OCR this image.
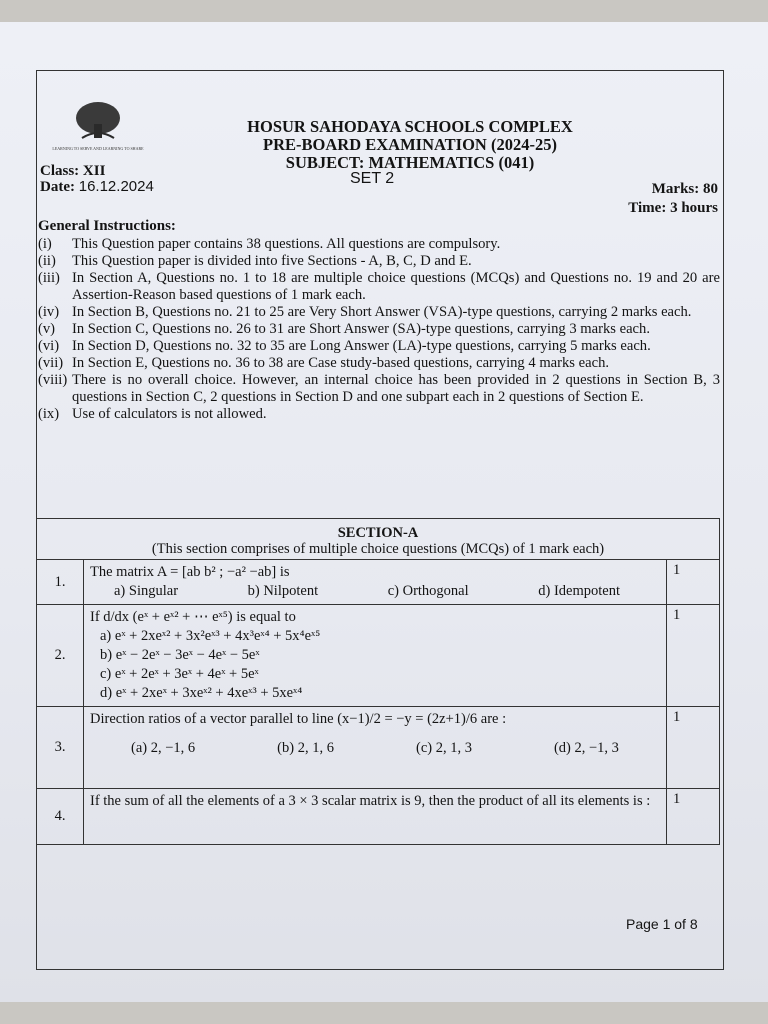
LEARNING TO SERVE AND LEARNING TO SHARE
HOSUR SAHODAYA SCHOOLS COMPLEX
PRE-BOARD EXAMINATION (2024-25)
SUBJECT: MATHEMATICS (041)
SET 2
Class: XII
Date: 16.12.2024	Marks: 80
Time: 3 hours
General Instructions:
(i)	This Question paper contains 38 questions. All questions are compulsory.
(ii)	This Question paper is divided into five Sections - A, B, C, D and E.
(iii) In Section A, Questions no. 1 to 18 are multiple choice questions (MCQs) and Questions no. 19 and 20 are Assertion-Reason based questions of 1 mark each.
(iv) In Section B, Questions no. 21 to 25 are Very Short Answer (VSA)-type questions, carrying 2 marks each.
(v)	In Section C, Questions no. 26 to 31 are Short Answer (SA)-type questions, carrying 3 marks each.
(vi) In Section D, Questions no. 32 to 35 are Long Answer (LA)-type questions, carrying 5 marks each.
(vii) In Section E, Questions no. 36 to 38 are Case study-based questions, carrying 4 marks each.
(viii) There is no overall choice. However, an internal choice has been provided in 2 questions in Section B, 3 questions in Section C, 2 questions in Section D and one subpart each in 2 questions of Section E.
(ix) Use of calculators is not allowed.
SECTION-A
(This section comprises of multiple choice questions (MCQs) of 1 mark each)		

1.	The matrix A = [ab b² ; −a² −ab] is
a) Singular b) Nilpotent c) Orthogonal d) Idempotent	1
2.	If d/dx (eˣ + eˣ² + ⋯ eˣ⁵) is equal to
a) eˣ + 2xeˣ² + 3x²eˣ³ + 4x³eˣ⁴ + 5x⁴eˣ⁵
b) eˣ − 2eˣ − 3eˣ − 4eˣ − 5eˣ
c) eˣ + 2eˣ + 3eˣ + 4eˣ + 5eˣ
d) eˣ + 2xeˣ + 3xeˣ² + 4xeˣ³ + 5xeˣ⁴	1
3.	Direction ratios of a vector parallel to line (x−1)/2 = −y = (2z+1)/6 are :
(a) 2, −1, 6 (b) 2, 1, 6 (c) 2, 1, 3 (d) 2, −1, 3	1
4.	If the sum of all the elements of a 3 × 3 scalar matrix is 9, then the product of all its elements is :	1
Page 1 of 8
